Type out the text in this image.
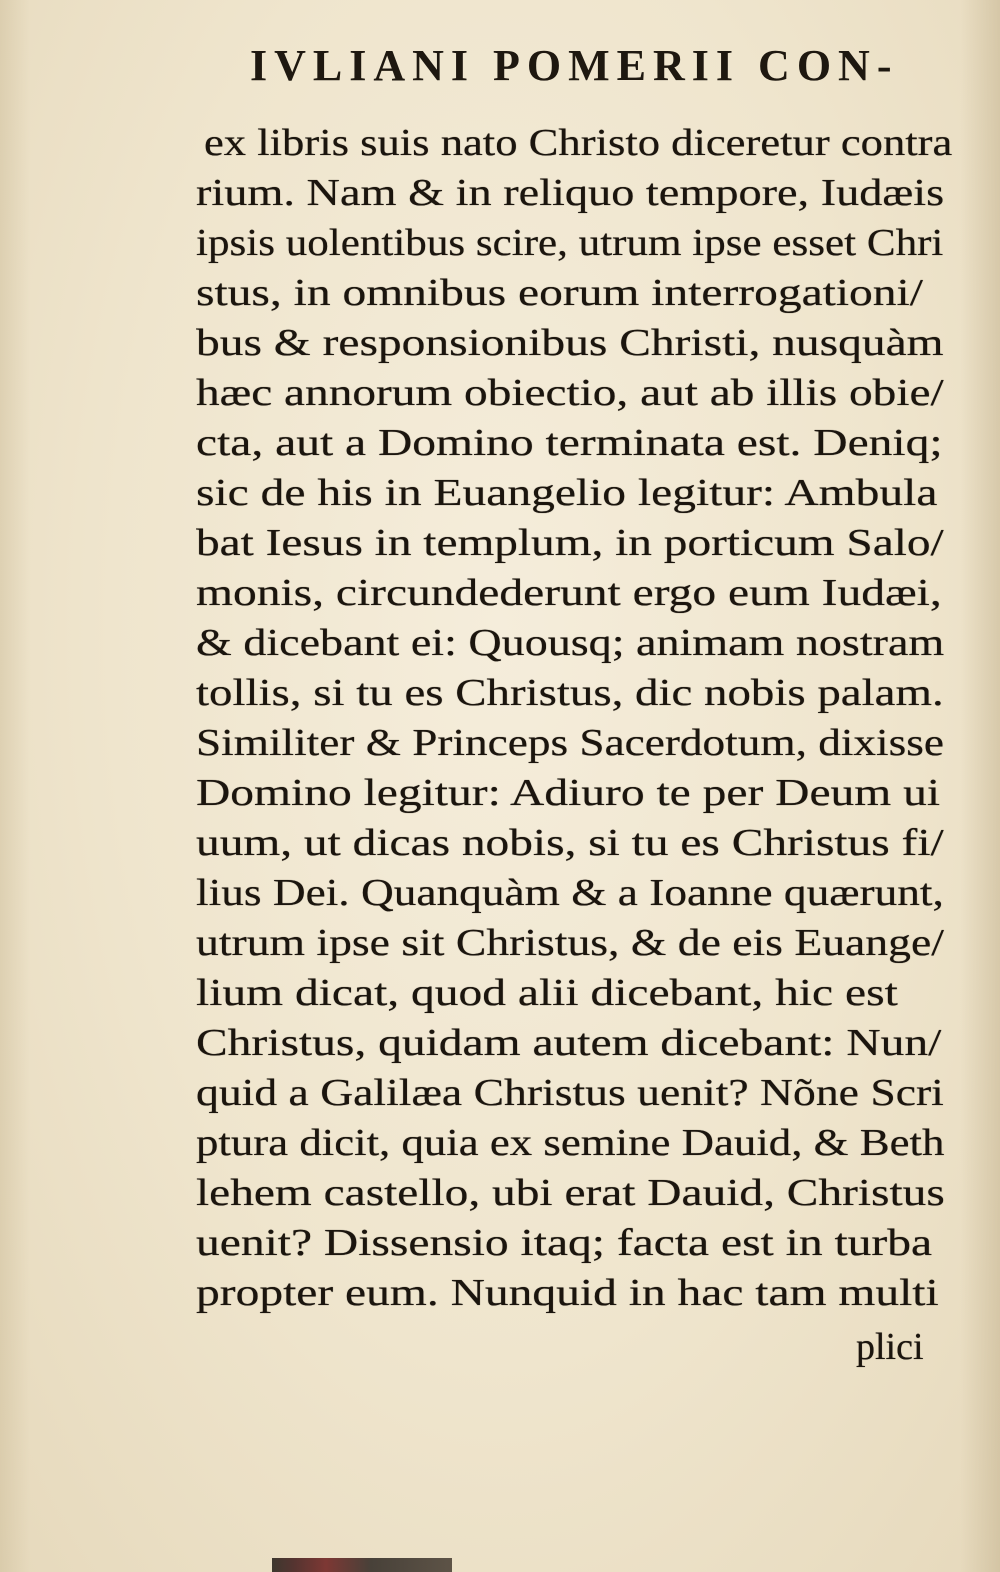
IVLIANI POMERII CON-
ex libris suis nato Christo diceretur contra
rium. Nam & in reliquo tempore, Iudæis
ipsis uolentibus scire, utrum ipse esset Chri
stus, in omnibus eorum interrogationi/
bus & responsionibus Christi, nusquàm
hæc annorum obiectio, aut ab illis obie/
cta, aut a Domino terminata est. Deniq;
sic de his in Euangelio legitur: Ambula
bat Iesus in templum, in porticum Salo/
monis, circundederunt ergo eum Iudæi,
& dicebant ei: Quousq; animam nostram
tollis, si tu es Christus, dic nobis palam.
Similiter & Princeps Sacerdotum, dixisse
Domino legitur: Adiuro te per Deum ui
uum, ut dicas nobis, si tu es Christus fi/
lius Dei. Quanquàm & a Ioanne quærunt,
utrum ipse sit Christus, & de eis Euange/
lium dicat, quod alii dicebant, hic est
Christus, quidam autem dicebant: Nun/
quid a Galilæa Christus uenit? Nõne Scri
ptura dicit, quia ex semine Dauid, & Beth
lehem castello, ubi erat Dauid, Christus
uenit? Dissensio itaq; facta est in turba
propter eum. Nunquid in hac tam multi
plici
